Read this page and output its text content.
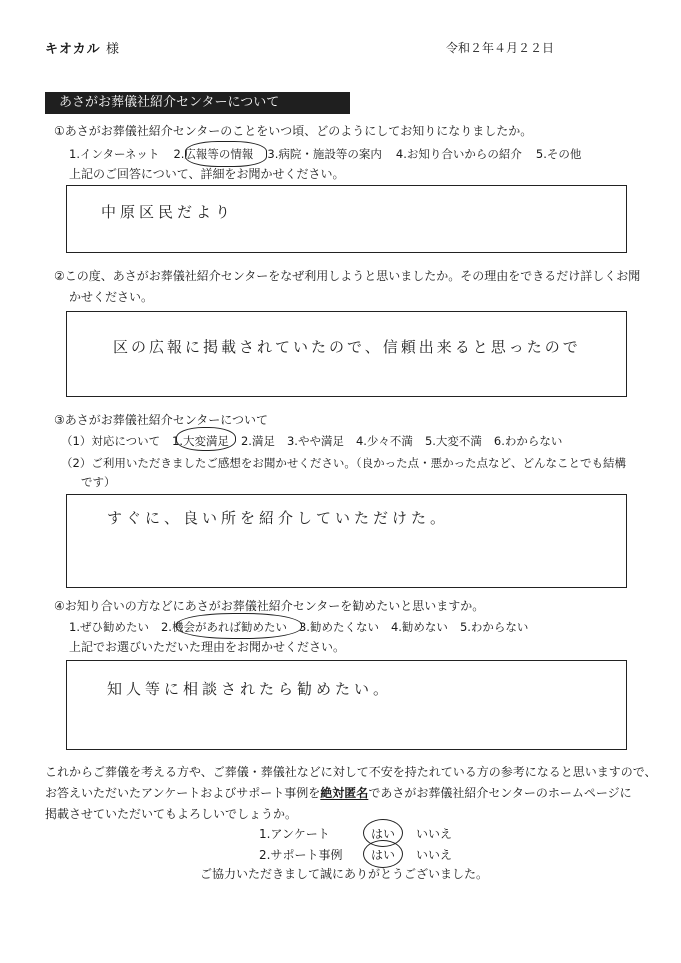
キオカル 様	令和２年４月２２日
あさがお葬儀社紹介センターについて
①あさがお葬儀社紹介センターのことをいつ頃、どのようにしてお知りになりましたか。
1.インターネット 2.広報等の情報 3.病院・施設等の案内 4.お知り合いからの紹介 5.その他
上記のご回答について、詳細をお聞かせください。
中原区民だより
②この度、あさがお葬儀社紹介センターをなぜ利用しようと思いましたか。その理由をできるだけ詳しくお聞
かせください。
区の広報に掲載されていたので、信頼出来ると思ったので
③あさがお葬儀社紹介センターについて
（1）対応について 1.大変満足 2.満足 3.やや満足 4.少々不満 5.大変不満 6.わからない
（2）ご利用いただきましたご感想をお聞かせください。（良かった点・悪かった点など、どんなことでも結構
です）
すぐに、良い所を紹介していただけた。
④お知り合いの方などにあさがお葬儀社紹介センターを勧めたいと思いますか。
1.ぜひ勧めたい 2.機会があれば勧めたい 3.勧めたくない 4.勧めない 5.わからない
上記でお選びいただいた理由をお聞かせください。
知人等に相談されたら勧めたい。
これからご葬儀を考える方や、ご葬儀・葬儀社などに対して不安を持たれている方の参考になると思いますので、
お答えいただいたアンケートおよびサポート事例を絶対匿名であさがお葬儀社紹介センターのホームページに
掲載させていただいてもよろしいでしょうか。
1.アンケート	はい いいえ
2.サポート事例 はい いいえ
ご協力いただきまして誠にありがとうございました。
